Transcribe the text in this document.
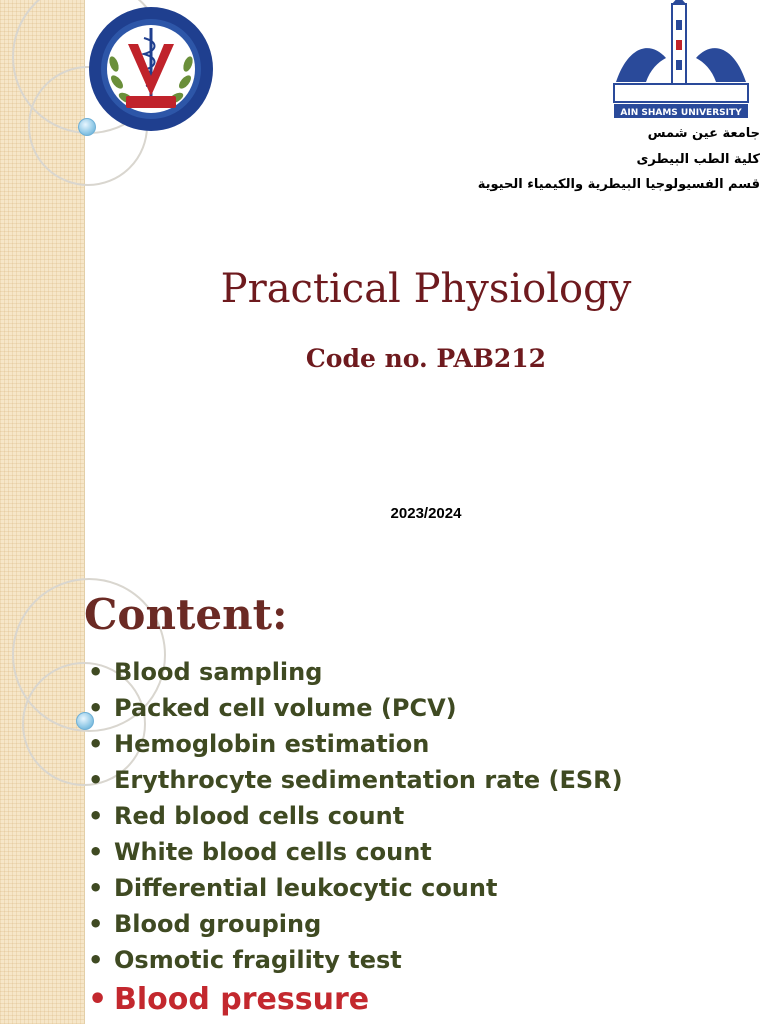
AIN SHAMS UNIVERSITY
جامعة عين شمس
كلية الطب البيطرى
قسم الفسيولوجيا البيطرية والكيمياء الحيوية
Practical Physiology
Code no. PAB212
2023/2024
Content:
• Blood sampling
• Packed cell volume (PCV)
• Hemoglobin estimation
• Erythrocyte sedimentation rate (ESR)
• Red blood cells count
• White blood cells count
• Differential leukocytic count
• Blood grouping
• Osmotic fragility test
• Blood pressure
